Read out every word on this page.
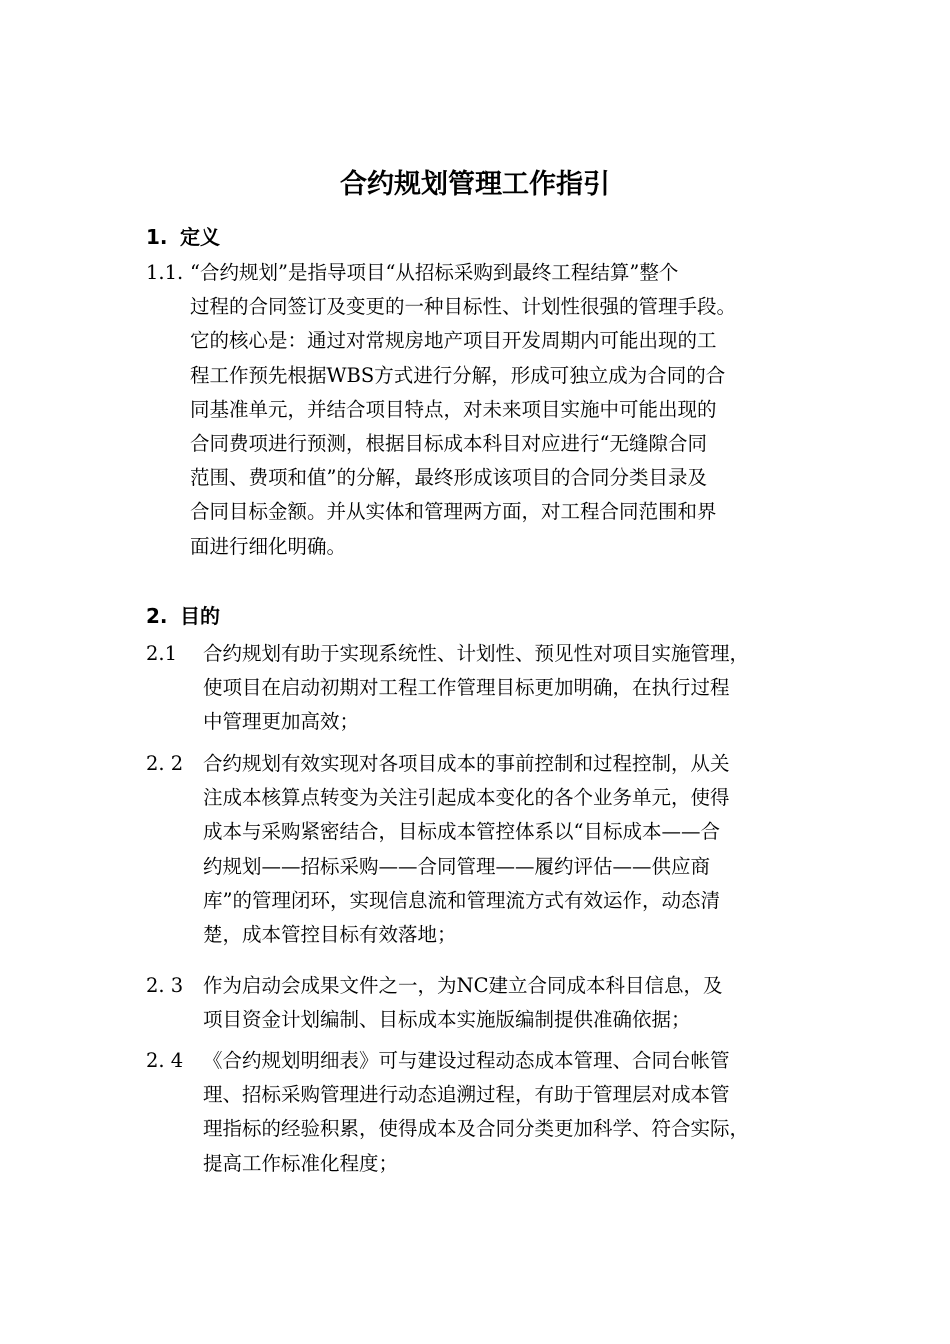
合约规划管理工作指引
1. 定义
1.1. “合约规划”是指导项目“从招标采购到最终工程结算”整个
过程的合同签订及变更的一种目标性、计划性很强的管理手段。
它的核心是：通过对常规房地产项目开发周期内可能出现的工
程工作预先根据WBS方式进行分解，形成可独立成为合同的合
同基准单元，并结合项目特点，对未来项目实施中可能出现的
合同费项进行预测，根据目标成本科目对应进行“无缝隙合同
范围、费项和值”的分解，最终形成该项目的合同分类目录及
合同目标金额。并从实体和管理两方面，对工程合同范围和界
面进行细化明确。
2. 目的
2.1	合约规划有助于实现系统性、计划性、预见性对项目实施管理，
使项目在启动初期对工程工作管理目标更加明确，在执行过程
中管理更加高效；
2. 2	合约规划有效实现对各项目成本的事前控制和过程控制，从关
注成本核算点转变为关注引起成本变化的各个业务单元，使得
成本与采购紧密结合，目标成本管控体系以“目标成本——合
约规划——招标采购——合同管理——履约评估——供应商
库”的管理闭环，实现信息流和管理流方式有效运作，动态清
楚，成本管控目标有效落地；
2. 3	作为启动会成果文件之一，为NC建立合同成本科目信息，及
项目资金计划编制、目标成本实施版编制提供准确依据；
2. 4	《合约规划明细表》可与建设过程动态成本管理、合同台帐管
理、招标采购管理进行动态追溯过程，有助于管理层对成本管
理指标的经验积累，使得成本及合同分类更加科学、符合实际，
提高工作标准化程度；
